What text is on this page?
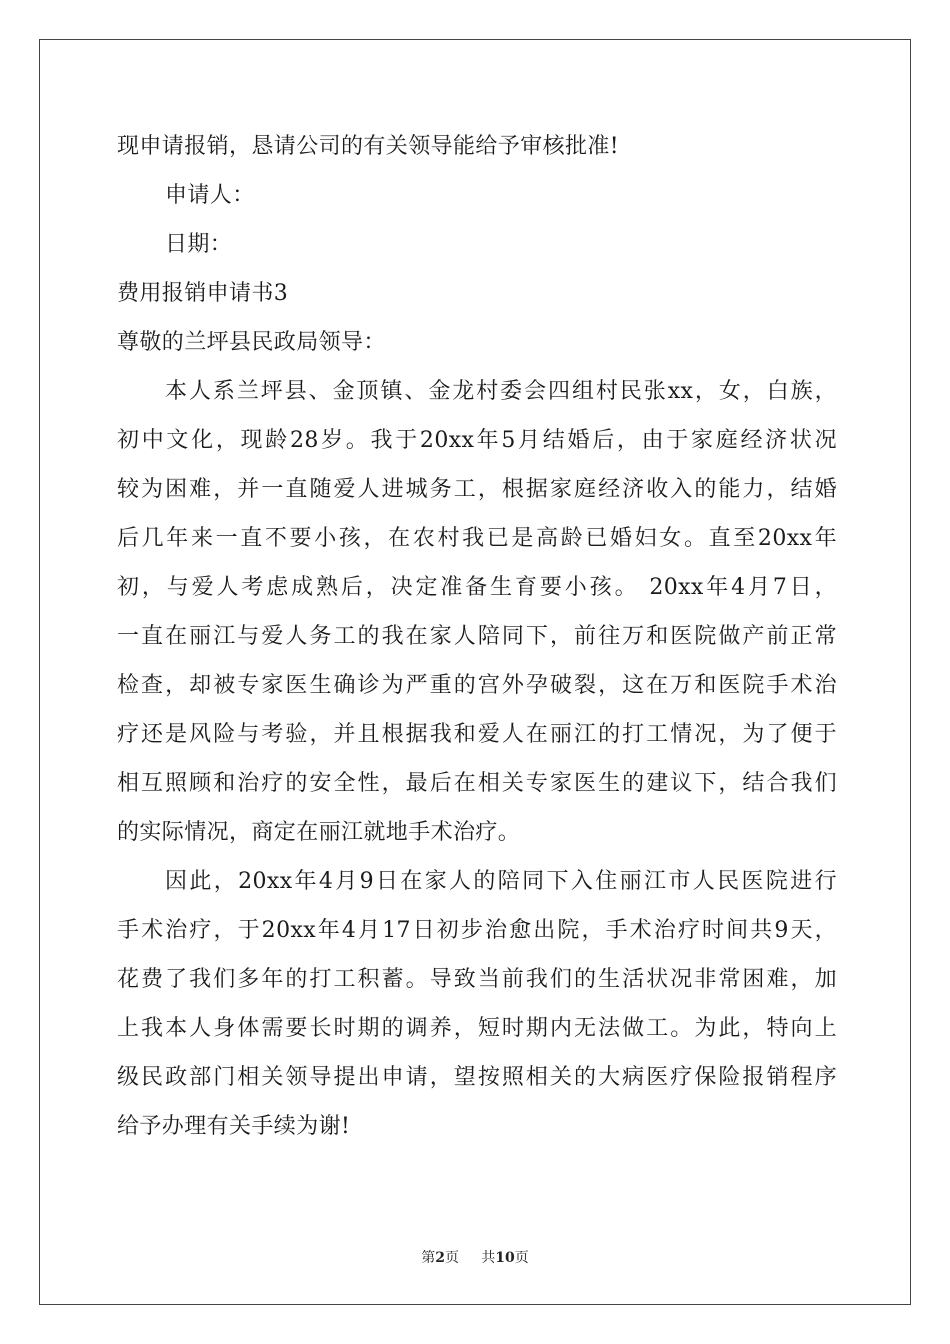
现申请报销，恳请公司的有关领导能给予审核批准!
申请人：
日期：
费用报销申请书3
尊敬的兰坪县民政局领导：
本人系兰坪县、金顶镇、金龙村委会四组村民张xx，女，白族，
初中文化，现龄28岁。我于20xx年5月结婚后，由于家庭经济状况
较为困难，并一直随爱人进城务工，根据家庭经济收入的能力，结婚
后几年来一直不要小孩，在农村我已是高龄已婚妇女。直至20xx年
初，与爱人考虑成熟后，决定准备生育要小孩。 20xx年4月7日，
一直在丽江与爱人务工的我在家人陪同下，前往万和医院做产前正常
检查，却被专家医生确诊为严重的宫外孕破裂，这在万和医院手术治
疗还是风险与考验，并且根据我和爱人在丽江的打工情况，为了便于
相互照顾和治疗的安全性，最后在相关专家医生的建议下，结合我们
的实际情况，商定在丽江就地手术治疗。
因此，20xx年4月9日在家人的陪同下入住丽江市人民医院进行
手术治疗，于20xx年4月17日初步治愈出院，手术治疗时间共9天，
花费了我们多年的打工积蓄。导致当前我们的生活状况非常困难，加
上我本人身体需要长时期的调养，短时期内无法做工。为此，特向上
级民政部门相关领导提出申请，望按照相关的大病医疗保险报销程序
给予办理有关手续为谢!
第2页 共10页
